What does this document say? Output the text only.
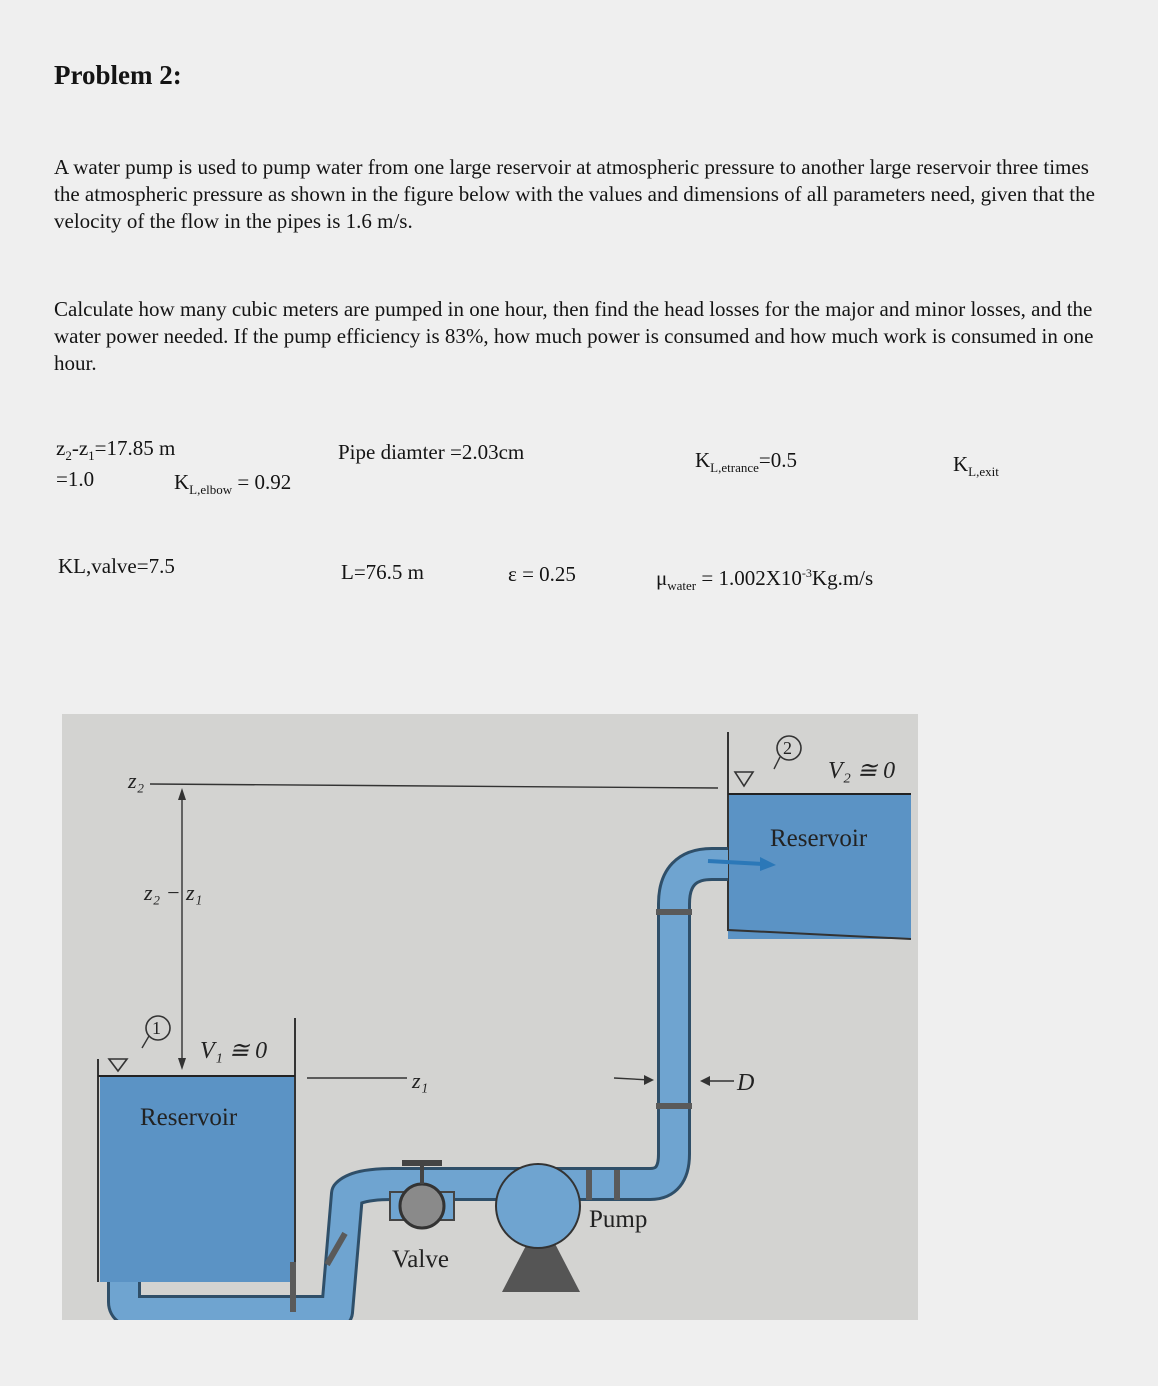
Problem 2:
A water pump is used to pump water from one large reservoir at atmospheric pressure to another large reservoir three times the atmospheric pressure as shown in the figure below with the values and dimensions of all parameters need, given that the velocity of the flow in the pipes is 1.6 m/s.
Calculate how many cubic meters are pumped in one hour, then find the head losses for the major and minor losses, and the water power needed. If the pump efficiency is 83%, how much power is consumed and how much work is consumed in one hour.
$z_2-z_1=17.85$ m
=1.0	$K_{L,elbow} = 0.92$
Pipe diamter =2.03cm	$K_{L,etrance}=0.5$	$K_{L,exit}$
KL,valve=7.5	L=76.5 m	ε = 0.25	$\mu_{water} = 1.002X10^{-3}Kg.m/s$
z₂
z₂ − z₁
z₁
1
2
V₁ ≅ 0
V₂ ≅ 0
Reservoir
Reservoir
Valve
Pump
D
